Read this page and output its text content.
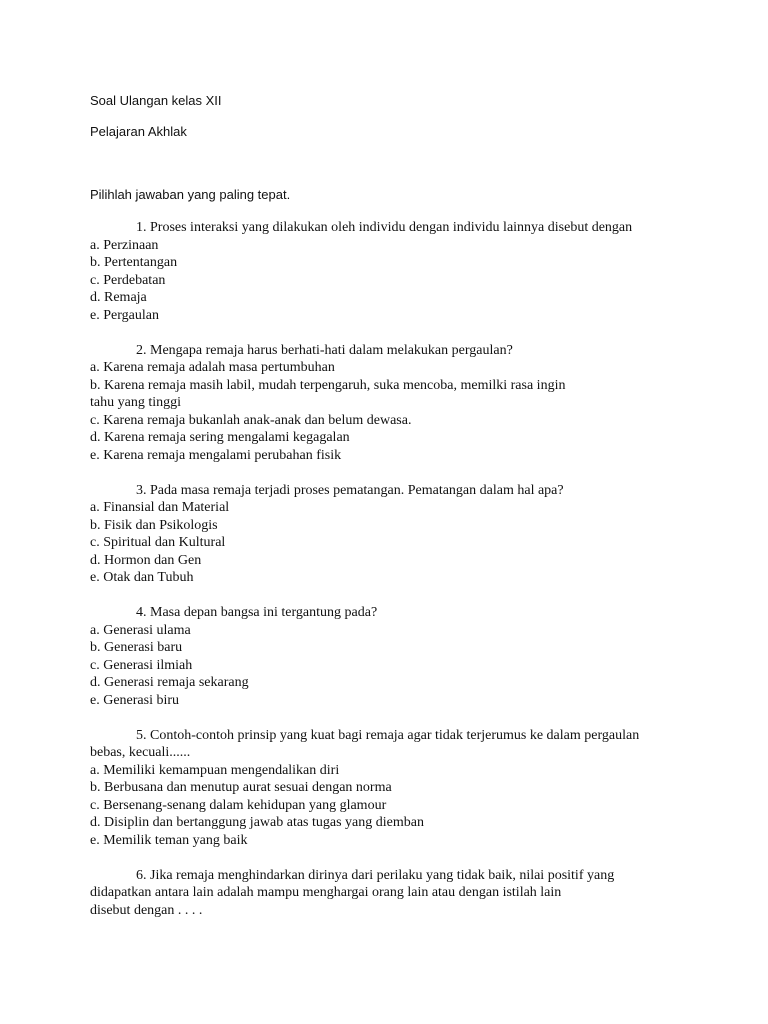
Soal Ulangan kelas XII

Pelajaran Akhlak

Pilihlah jawaban yang paling tepat.

1. Proses interaksi yang dilakukan oleh individu dengan individu lainnya disebut dengan

a. Perzinaan

b. Pertentangan

c. Perdebatan

d. Remaja

e. Pergaulan

2. Mengapa remaja harus berhati-hati dalam melakukan pergaulan?

a. Karena remaja adalah masa pertumbuhan

b. Karena remaja masih labil, mudah terpengaruh, suka mencoba, memilki rasa ingin
tahu yang tinggi

c. Karena remaja bukanlah anak-anak dan belum dewasa.

d. Karena remaja sering mengalami kegagalan

e. Karena remaja mengalami perubahan fisik

3. Pada masa remaja terjadi proses pematangan. Pematangan dalam hal apa?

a. Finansial dan Material

b. Fisik dan Psikologis

c. Spiritual dan Kultural

d. Hormon dan Gen

e. Otak dan Tubuh

4. Masa depan bangsa ini tergantung pada?

a. Generasi ulama

b. Generasi baru

c. Generasi ilmiah

d. Generasi remaja sekarang

e. Generasi biru

5. Contoh-contoh prinsip yang kuat bagi remaja agar tidak terjerumus ke dalam pergaulan
bebas, kecuali......

a. Memiliki kemampuan mengendalikan diri

b. Berbusana dan menutup aurat sesuai dengan norma

c. Bersenang-senang dalam kehidupan yang glamour

d. Disiplin dan bertanggung jawab atas tugas yang diemban

e. Memilik teman yang baik

6. Jika remaja menghindarkan dirinya dari perilaku yang tidak baik, nilai positif yang
didapatkan antara lain adalah mampu menghargai orang lain atau dengan istilah lain
disebut dengan . . . .
